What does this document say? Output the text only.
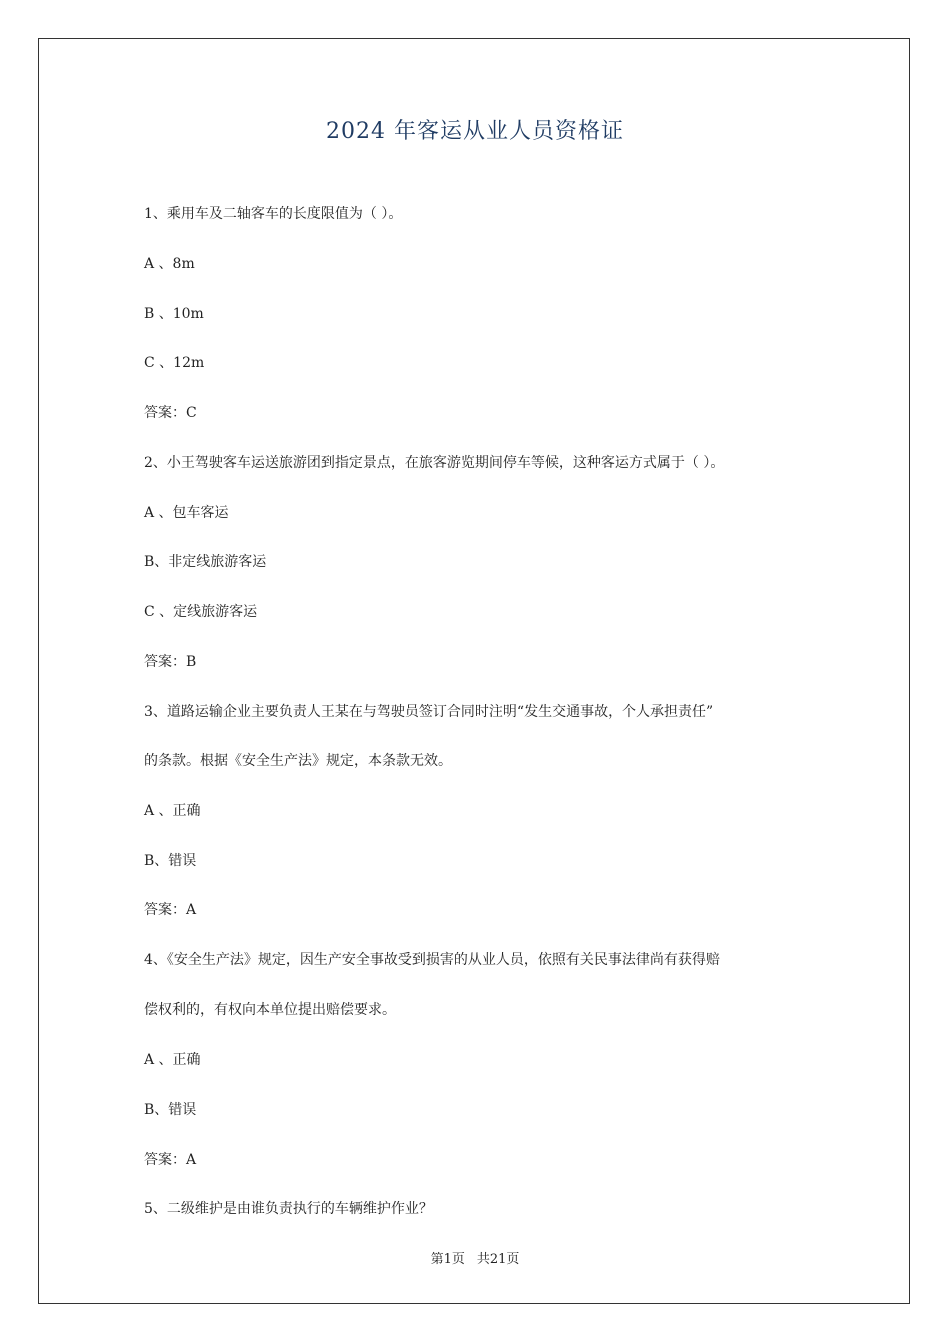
2024 年客运从业人员资格证
1、乘用车及二轴客车的长度限值为（ ）。
A 、8m
B 、10m
C 、12m
答案：C
2、小王驾驶客车运送旅游团到指定景点，在旅客游览期间停车等候，这种客运方式属于（ ）。
A 、包车客运
B、非定线旅游客运
C 、定线旅游客运
答案：B
3、道路运输企业主要负责人王某在与驾驶员签订合同时注明“发生交通事故，个人承担责任”
的条款。根据《安全生产法》规定，本条款无效。
A 、正确
B、错误
答案：A
4、《安全生产法》规定，因生产安全事故受到损害的从业人员，依照有关民事法律尚有获得赔
偿权利的，有权向本单位提出赔偿要求。
A 、正确
B、错误
答案：A
5、二级维护是由谁负责执行的车辆维护作业？
第1页 共21页
